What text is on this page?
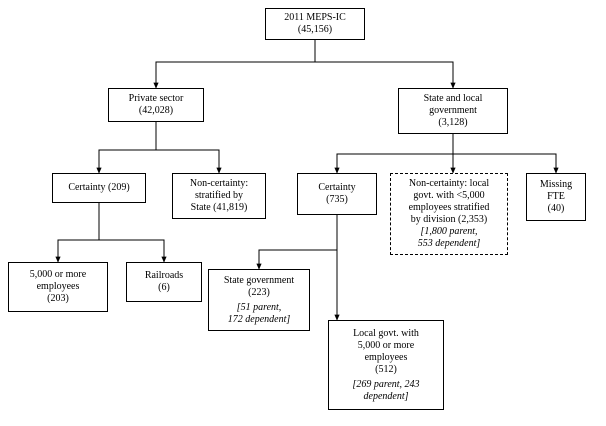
2011 MEPS-IC
(45,156)
Private sector
(42,028)
State and local
government
(3,128)
Certainty (209)	Non-certainty:
stratified by
State (41,819)
Certainty
(735)
Non-certainty: local
govt. with <5,000
employees stratified
by division (2,353)
[1,800 parent,
553 dependent]
Missing
FTE
(40)
5,000 or more
employees
(203)
Railroads
(6)
State government
(223)

[51 parent,
172 dependent]
Local govt. with
5,000 or more
employees
(512)

[269 parent, 243
dependent]
